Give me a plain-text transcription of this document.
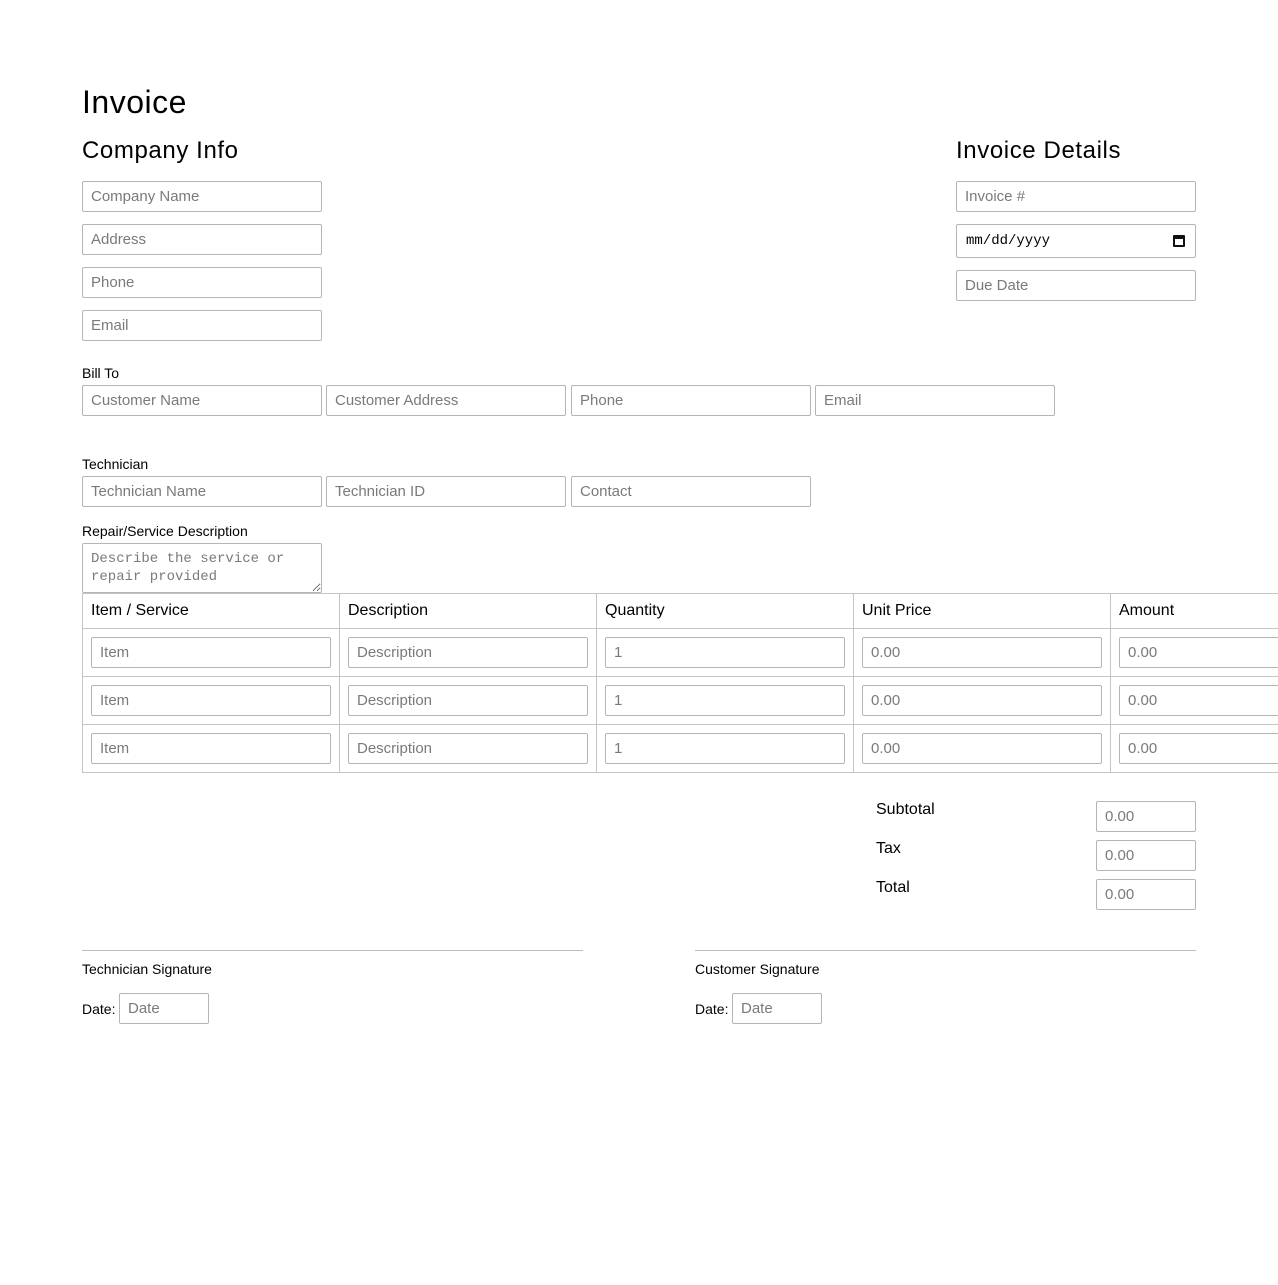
Invoice
Company Info
Company Name
Address
Phone
Email	Invoice Details
Invoice #
mm/dd/yyyy
Due Date
Bill To
Customer Name
Customer Address
Phone
Email
Technician
Technician Name
Technician ID
Contact
Repair/Service Description
Describe the service or repair provided
Item / Service	Description	Quantity	Unit Price	Amount
Item	Description	1	0.00	0.00
Item	Description	1	0.00	0.00
Item	Description	1	0.00	0.00
Subtotal
0.00
Tax
0.00
Total
0.00
Technician Signature
Date:
Date
Customer Signature
Date:
Date
